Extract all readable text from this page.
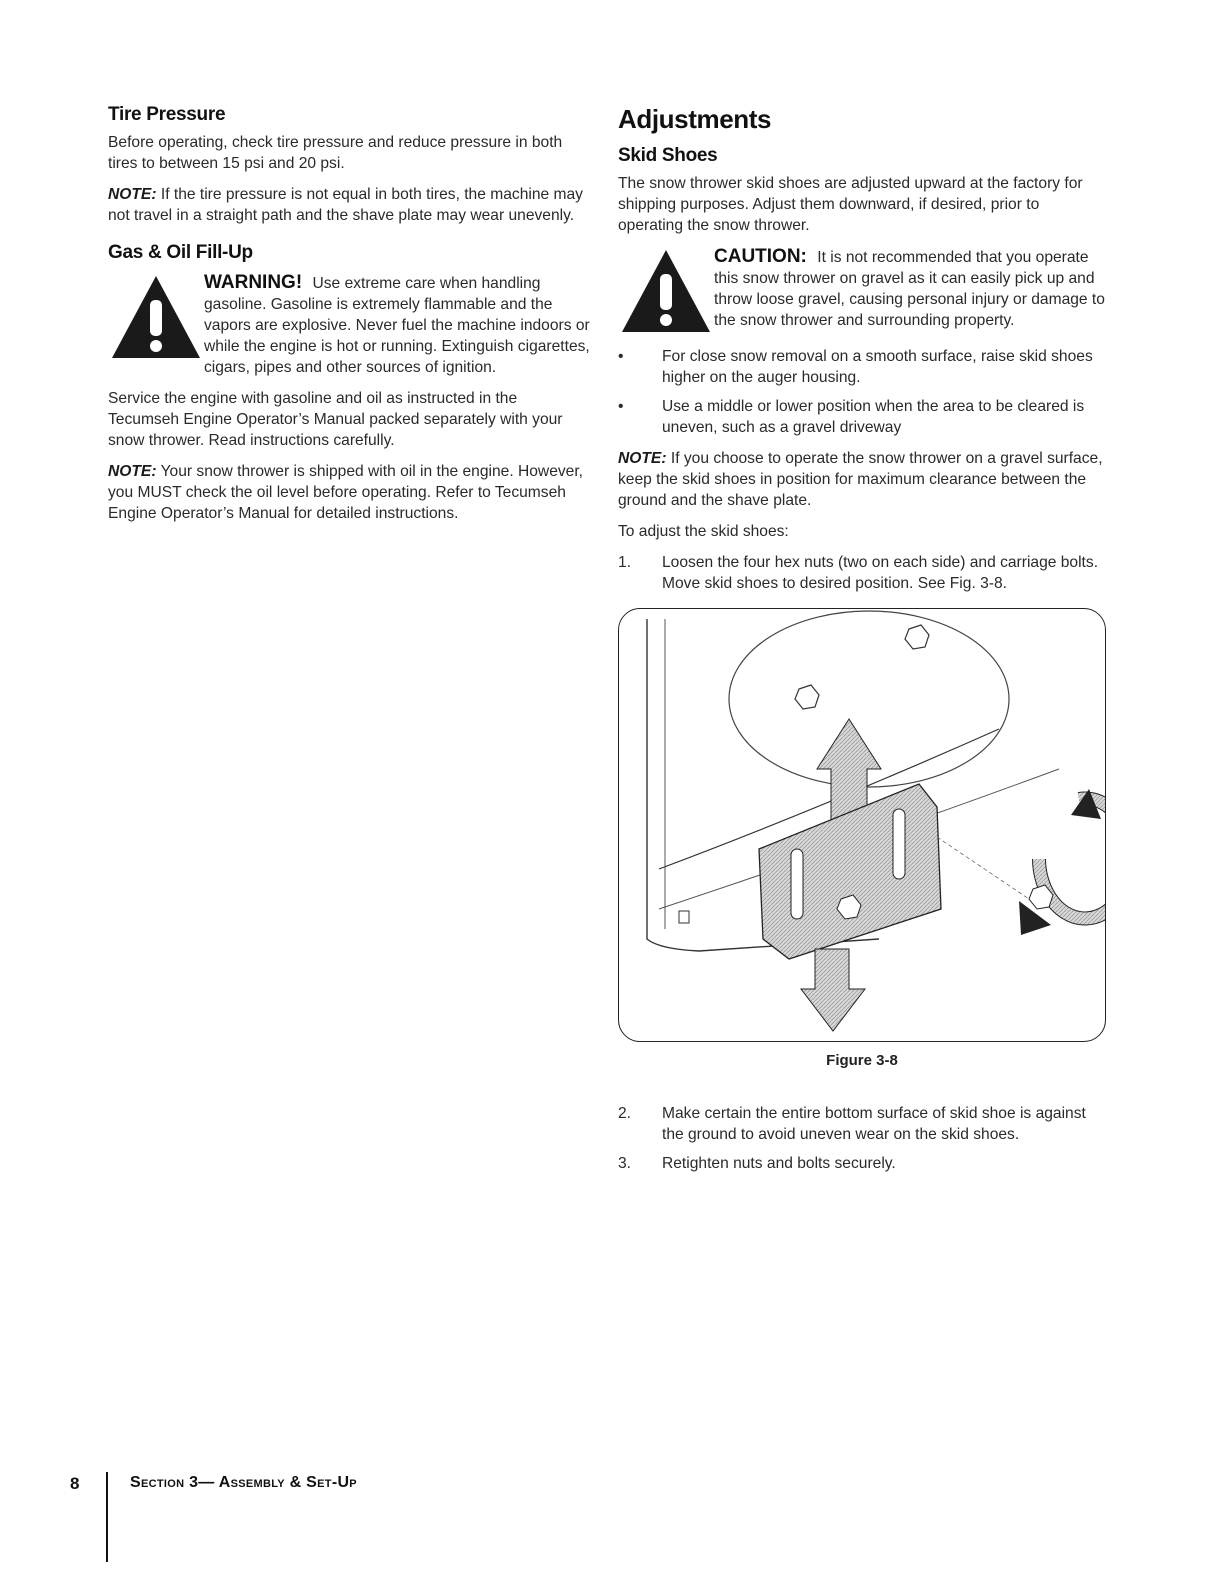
Tire Pressure

Before operating, check tire pressure and reduce pressure in both tires to between 15 psi and 20 psi.

NOTE: If the tire pressure is not equal in both tires, the machine may not travel in a straight path and the shave plate may wear unevenly.

Gas & Oil Fill-Up
WARNING! Use extreme care when handling gasoline. Gasoline is extremely flammable and the vapors are explosive. Never fuel the machine indoors or while the engine is hot or running. Extinguish cigarettes, cigars, pipes and other sources of ignition.

Service the engine with gasoline and oil as instructed in the Tecumseh Engine Operator’s Manual packed separately with your snow thrower. Read instructions carefully.

NOTE: Your snow thrower is shipped with oil in the engine. However, you MUST check the oil level before operating. Refer to Tecumseh Engine Operator’s Manual for detailed instructions.

Adjustments
Skid Shoes

The snow thrower skid shoes are adjusted upward at the factory for shipping purposes. Adjust them downward, if desired, prior to operating the snow thrower.

CAUTION: It is not recommended that you operate this snow thrower on gravel as it can easily pick up and throw loose gravel, causing personal injury or damage to the snow thrower and surrounding property.
• For close snow removal on a smooth surface, raise skid shoes higher on the auger housing.
• Use a middle or lower position when the area to be cleared is uneven, such as a gravel driveway

NOTE: If you choose to operate the snow thrower on a gravel surface, keep the skid shoes in position for maximum clearance between the ground and the shave plate.

To adjust the skid shoes:

1. Loosen the four hex nuts (two on each side) and carriage bolts. Move skid shoes to desired position. See Fig. 3-8.
Figure 3-8
2. Make certain the entire bottom surface of skid shoe is against the ground to avoid uneven wear on the skid shoes.
3. Retighten nuts and bolts securely.
8	Section 3— Assembly & Set-Up
